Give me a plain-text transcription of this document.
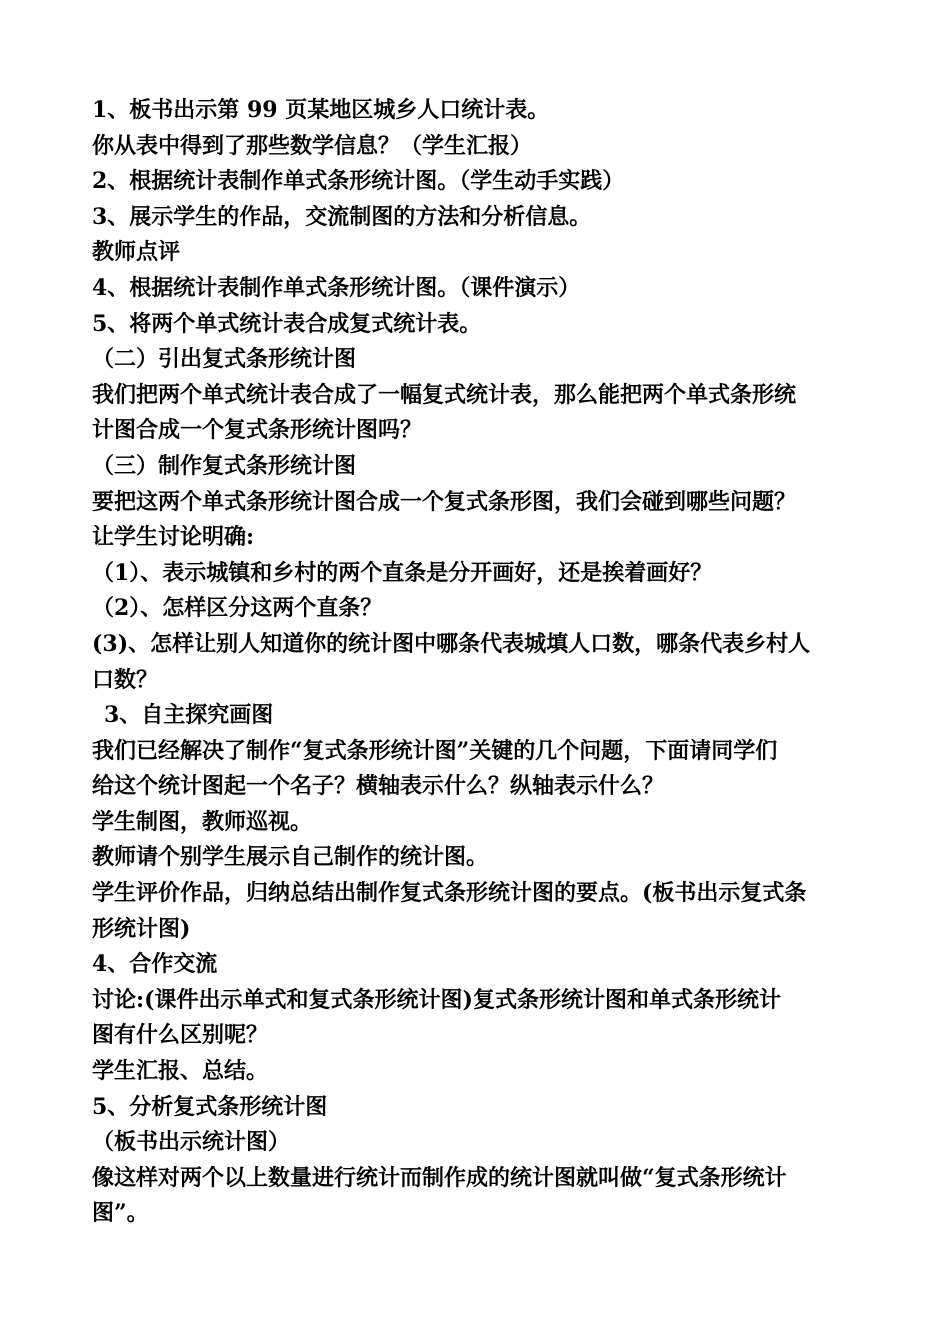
1、板书出示第 99 页某地区城乡人口统计表。
你从表中得到了那些数学信息？（学生汇报）
2、根据统计表制作单式条形统计图。（学生动手实践）
3、展示学生的作品，交流制图的方法和分析信息。
教师点评
4、根据统计表制作单式条形统计图。（课件演示）
5、将两个单式统计表合成复式统计表。
（二）引出复式条形统计图
我们把两个单式统计表合成了一幅复式统计表，那么能把两个单式条形统
计图合成一个复式条形统计图吗？
（三）制作复式条形统计图
要把这两个单式条形统计图合成一个复式条形图，我们会碰到哪些问题？
让学生讨论明确:
（1）、表示城镇和乡村的两个直条是分开画好，还是挨着画好？
（2）、怎样区分这两个直条？
(3)、怎样让别人知道你的统计图中哪条代表城填人口数，哪条代表乡村人
口数？
3、自主探究画图
我们已经解决了制作“复式条形统计图”关键的几个问题，下面请同学们
给这个统计图起一个名子？横轴表示什么？纵轴表示什么？
学生制图，教师巡视。
教师请个别学生展示自己制作的统计图。
学生评价作品，归纳总结出制作复式条形统计图的要点。(板书出示复式条
形统计图)
4、合作交流
讨论:(课件出示单式和复式条形统计图)复式条形统计图和单式条形统计
图有什么区别呢？
学生汇报、总结。
5、分析复式条形统计图
（板书出示统计图）
像这样对两个以上数量进行统计而制作成的统计图就叫做“复式条形统计
图”。
